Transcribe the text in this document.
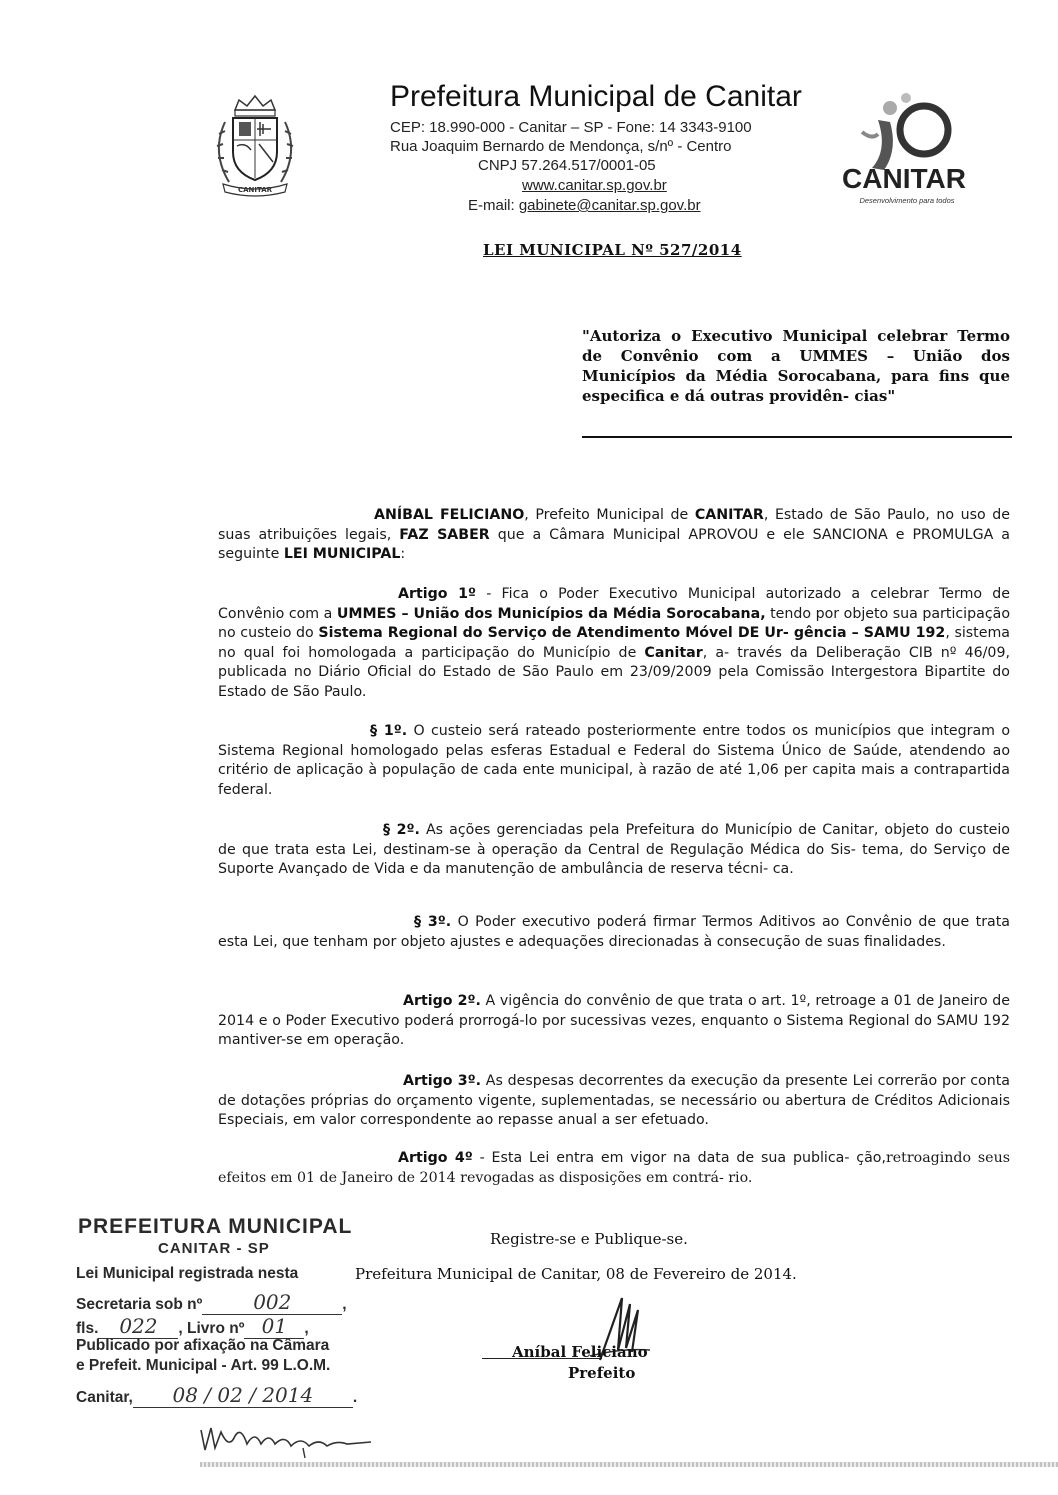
CANITAR
Prefeitura Municipal de Canitar
CEP: 18.990-000 - Canitar – SP - Fone: 14 3343-9100
Rua Joaquim Bernardo de Mendonça, s/nº - Centro
CNPJ 57.264.517/0001-05
www.canitar.sp.gov.br
E-mail: gabinete@canitar.sp.gov.br
CANITAR
Desenvolvimento para todos
LEI MUNICIPAL Nº 527/2014
"Autoriza o Executivo Municipal celebrar Termo de Convênio com a UMMES – União dos Municípios da Média Sorocabana, para fins que especifica e dá outras providên- cias"
ANÍBAL FELICIANO, Prefeito Municipal de CANITAR, Estado de São Paulo, no uso de suas atribuições legais, FAZ SABER que a Câmara Municipal APROVOU e ele SANCIONA e PROMULGA a seguinte LEI MUNICIPAL:
Artigo 1º - Fica o Poder Executivo Municipal autorizado a celebrar Termo de Convênio com a UMMES – União dos Municípios da Média Sorocabana, tendo por objeto sua participação no custeio do Sistema Regional do Serviço de Atendimento Móvel DE Ur- gência – SAMU 192, sistema no qual foi homologada a participação do Município de Canitar, a- través da Deliberação CIB nº 46/09, publicada no Diário Oficial do Estado de São Paulo em 23/09/2009 pela Comissão Intergestora Bipartite do Estado de São Paulo.
§ 1º. O custeio será rateado posteriormente entre todos os municípios que integram o Sistema Regional homologado pelas esferas Estadual e Federal do Sistema Único de Saúde, atendendo ao critério de aplicação à população de cada ente municipal, à razão de até 1,06 per capita mais a contrapartida federal.
§ 2º. As ações gerenciadas pela Prefeitura do Município de Canitar, objeto do custeio de que trata esta Lei, destinam-se à operação da Central de Regulação Médica do Sis- tema, do Serviço de Suporte Avançado de Vida e da manutenção de ambulância de reserva técni- ca.
§ 3º. O Poder executivo poderá firmar Termos Aditivos ao Convênio de que trata esta Lei, que tenham por objeto ajustes e adequações direcionadas à consecução de suas finalidades.
Artigo 2º. A vigência do convênio de que trata o art. 1º, retroage a 01 de Janeiro de 2014 e o Poder Executivo poderá prorrogá-lo por sucessivas vezes, enquanto o Sistema Regional do SAMU 192 mantiver-se em operação.
Artigo 3º. As despesas decorrentes da execução da presente Lei correrão por conta de dotações próprias do orçamento vigente, suplementadas, se necessário ou abertura de Créditos Adicionais Especiais, em valor correspondente ao repasse anual a ser efetuado.
Artigo 4º - Esta Lei entra em vigor na data de sua publica- ção,retroagindo seus efeitos em 01 de Janeiro de 2014 revogadas as disposições em contrá- rio.
Registre-se e Publique-se.
Prefeitura Municipal de Canitar, 08 de Fevereiro de 2014.
Aníbal Feliciano
Prefeito
PREFEITURA MUNICIPAL
CANITAR - SP
Lei Municipal registrada nesta
Secretaria sob nº	002	,
fls. 022 , Livro nº 01 ,
Publicado por afixação na Câmara
e Prefeit. Municipal - Art. 99 L.O.M.
Canitar, 08 / 02 / 2014	.
